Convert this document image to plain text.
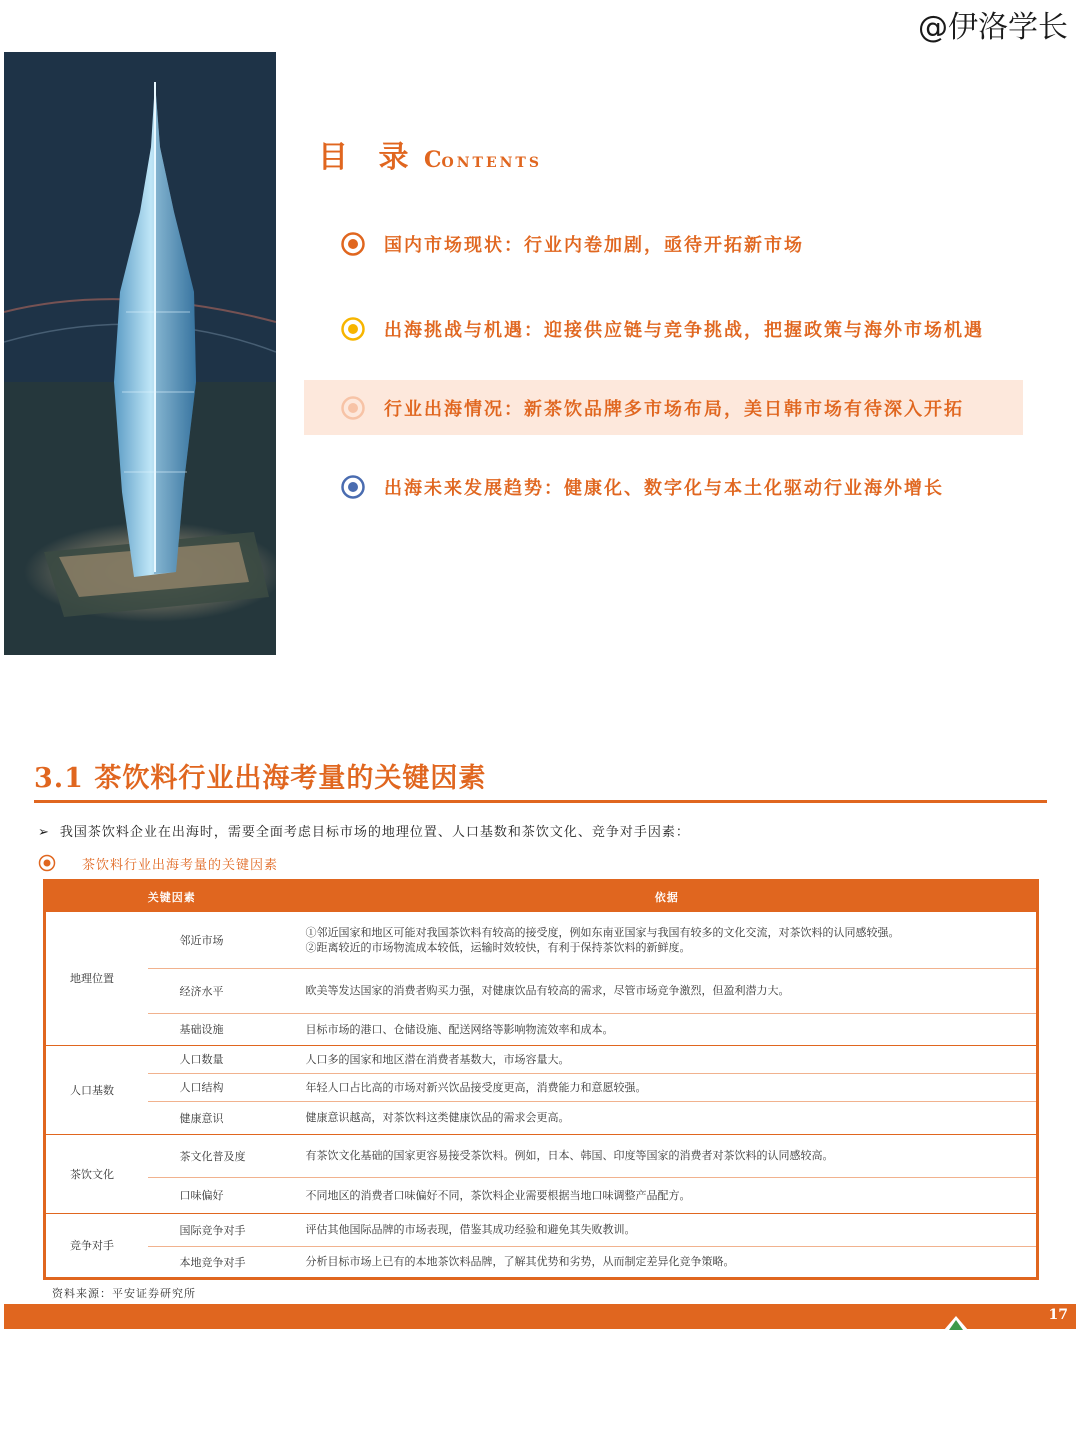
@伊洛学长
目 录 CONTENTS
国内市场现状：行业内卷加剧，亟待开拓新市场
出海挑战与机遇：迎接供应链与竞争挑战，把握政策与海外市场机遇
行业出海情况：新茶饮品牌多市场布局，美日韩市场有待深入开拓
出海未来发展趋势：健康化、数字化与本土化驱动行业海外增长
3.1 茶饮料行业出海考量的关键因素
➢ 我国茶饮料企业在出海时，需要全面考虑目标市场的地理位置、人口基数和茶饮文化、竞争对手因素：
茶饮料行业出海考量的关键因素
关键因素		依据
地理位置	邻近市场	①邻近国家和地区可能对我国茶饮料有较高的接受度，例如东南亚国家与我国有较多的文化交流，对茶饮料的认同感较强。
②距离较近的市场物流成本较低，运输时效较快，有利于保持茶饮料的新鲜度。

	经济水平	欧美等发达国家的消费者购买力强，对健康饮品有较高的需求，尽管市场竞争激烈，但盈利潜力大。
	基础设施	目标市场的港口、仓储设施、配送网络等影响物流效率和成本。
人口基数	人口数量	人口多的国家和地区潜在消费者基数大，市场容量大。
	人口结构	年轻人口占比高的市场对新兴饮品接受度更高，消费能力和意愿较强。
	健康意识	健康意识越高，对茶饮料这类健康饮品的需求会更高。
茶饮文化	茶文化普及度	有茶饮文化基础的国家更容易接受茶饮料。例如，日本、韩国、印度等国家的消费者对茶饮料的认同感较高。
	口味偏好	不同地区的消费者口味偏好不同，茶饮料企业需要根据当地口味调整产品配方。
竞争对手	国际竞争对手	评估其他国际品牌的市场表现，借鉴其成功经验和避免其失败教训。
	本地竞争对手	分析目标市场上已有的本地茶饮料品牌，了解其优势和劣势，从而制定差异化竞争策略。
资料来源：平安证券研究所
17
